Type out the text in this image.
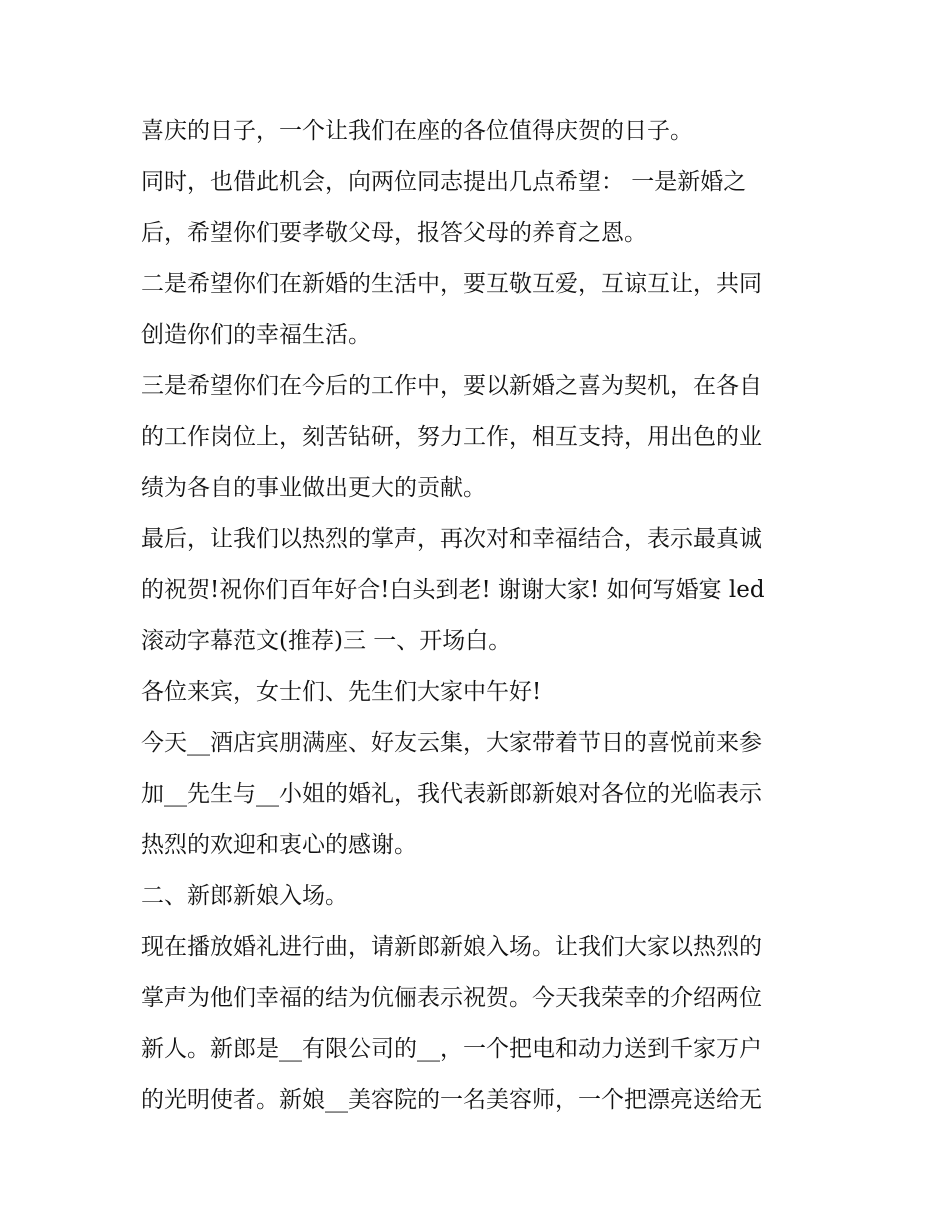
喜庆的日子，一个让我们在座的各位值得庆贺的日子。
同时，也借此机会，向两位同志提出几点希望： 一是新婚之
后，希望你们要孝敬父母，报答父母的养育之恩。
二是希望你们在新婚的生活中，要互敬互爱，互谅互让，共同
创造你们的幸福生活。
三是希望你们在今后的工作中，要以新婚之喜为契机，在各自
的工作岗位上，刻苦钻研，努力工作，相互支持，用出色的业
绩为各自的事业做出更大的贡献。
最后，让我们以热烈的掌声，再次对和幸福结合，表示最真诚
的祝贺!祝你们百年好合!白头到老! 谢谢大家! 如何写婚宴 led
滚动字幕范文(推荐)三 一、开场白。
各位来宾，女士们、先生们大家中午好!
今天__酒店宾朋满座、好友云集，大家带着节日的喜悦前来参
加__先生与__小姐的婚礼，我代表新郎新娘对各位的光临表示
热烈的欢迎和衷心的感谢。
二、新郎新娘入场。
现在播放婚礼进行曲，请新郎新娘入场。让我们大家以热烈的
掌声为他们幸福的结为伉俪表示祝贺。今天我荣幸的介绍两位
新人。新郎是__有限公司的__，一个把电和动力送到千家万户
的光明使者。新娘__美容院的一名美容师，一个把漂亮送给无
